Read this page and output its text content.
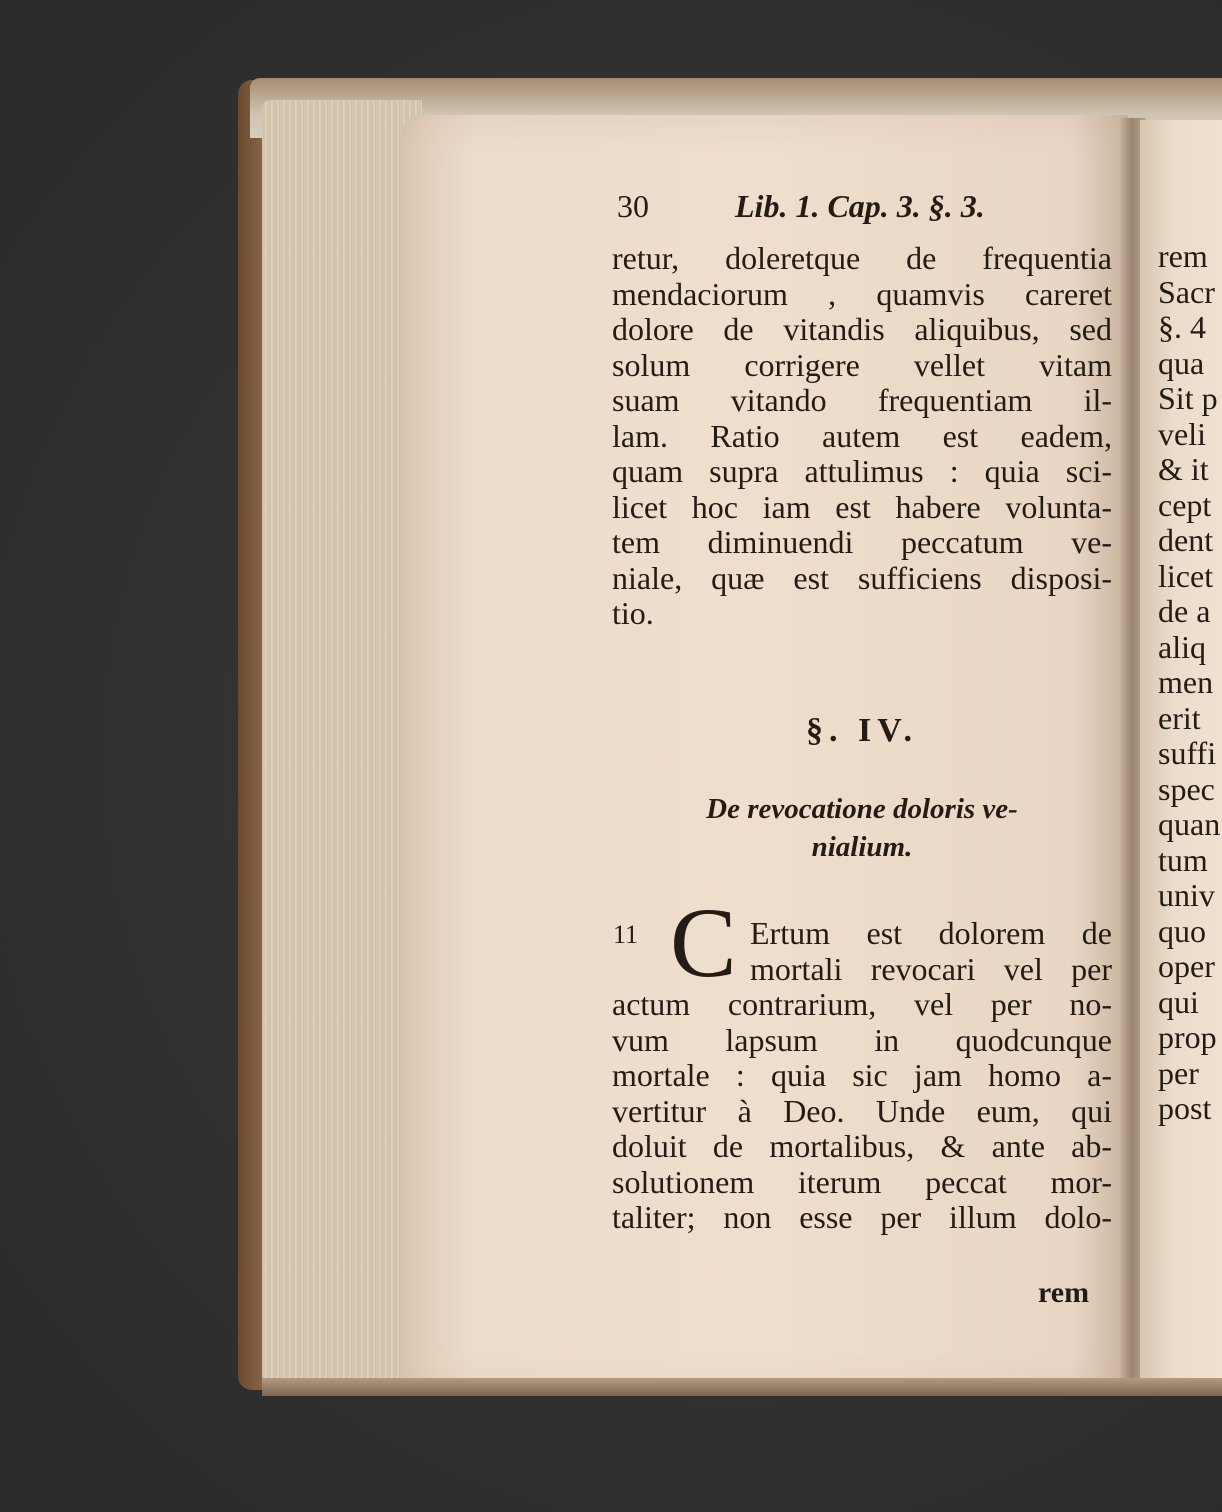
30	Lib. 1. Cap. 3. §. 3.
retur, doleretque de frequentia
mendaciorum , quamvis careret
dolore de vitandis aliquibus, sed
solum corrigere vellet vitam
suam vitando frequentiam il-
lam. Ratio autem est eadem,
quam supra attulimus : quia sci-
licet hoc iam est habere volunta-
tem diminuendi peccatum ve-
niale, quæ est sufficiens disposi-
tio.
§. IV.
De revocatione doloris ve-
nialium.
11 C Ertum est dolorem de
mortali revocari vel per
actum contrarium, vel per no-
vum lapsum in quodcunque
mortale : quia sic jam homo a-
vertitur à Deo. Unde eum, qui
doluit de mortalibus, & ante ab-
solutionem iterum peccat mor-
taliter; non esse per illum dolo-
rem
rem
Sacr
§. 4
qua
Sit p
veli
& it
cept
dent
licet
de a
aliq
men
erit
suffi
spec
quan
tum
univ
quo
oper
qui
prop
per
post
